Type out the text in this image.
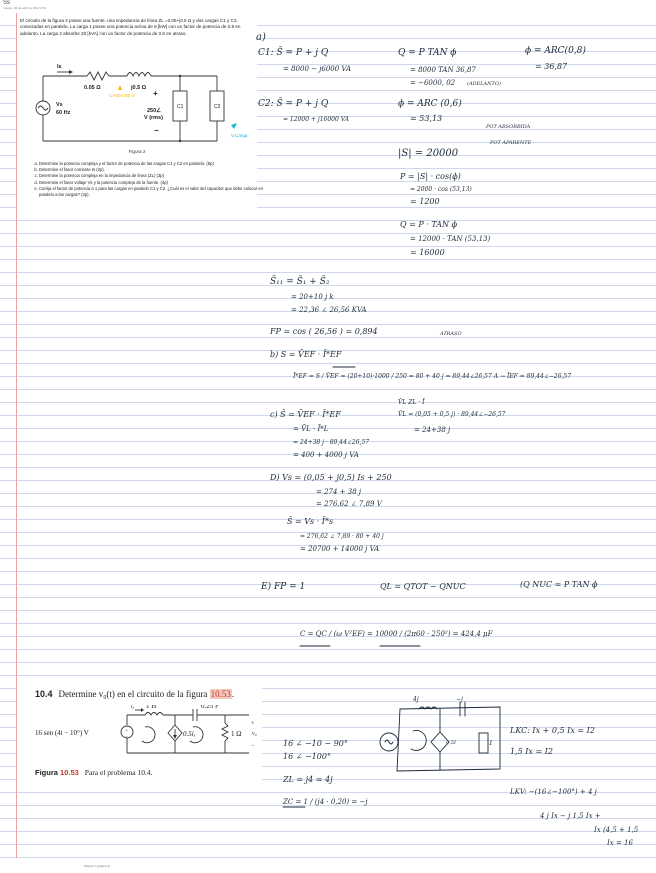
Ss
martes, 26 de abril de 2022 9:51

El circuito de la figura 2 posee una fuente, una impedancia de línea ZL =0.05+j0.5 Ω y dos cargas C1 y C2, conectadas en paralelo. La carga 1 posee una potencia activa de 8 [kW] con un factor de potencia de 0.8 en adelanto. La carga 2 absorbe 20 [kVA] con un factor de potencia de 0.6 en atraso.

Is
0.05 Ω	j0.5 Ω
Vs
60 Hz
+
250∠
V (rms)
−
C1	C2
CAIDA DE V
V.Carga
Figura 2
a. Determine la potencia compleja y el factor de potencia de las cargas C1 y C2 en paralelo. (8p)
b. Determine el fasor corriente Is (2p).
c. Determine la potencia compleja en la impedancia de línea (ZL) (3p)
d. Determine el fasor voltaje Vs y la potencia compleja de la fuente. (4p)
e. Corrija el factor de potencia a 1 para las cargas en paralelo C1 y C2. ¿Cuál es el valor del capacitor que debe colocar en paralelo a las cargas? (3p).
a)
C1: S̄ = P + j Q
= 8000 − j6000 VA
Q = P TAN ϕ
= 8000 TAN 36,87
= −6000, 02 (ADELANTO)
ϕ = ARC(0,8)
= 36,87
C2: S̄ = P + j Q
= 12000 + j16000 VA
ϕ = ARC (0,6)
= 53,13
POT ABSORBIDA
POT APARENTE
|S| = 20000
P = |S| · cos(ϕ)
= 2000 · cos (53,13)
= 1200
Q = P · TAN ϕ
= 12000 · TAN (53,13)
= 16000
S̄₁₁ = S̄₁ + S̄₂
= 20+10 j k
= 22,36 ∠ 26,56 KVA
FP = cos ( 26,56 ) = 0,894	ATRASO
b) S = V̄EF · Ī*EF
Ī*EF = S / V̄EF = (20+10)·1000 / 250 = 80 + 40 j = 89,44∠26,57 A → ĪEF = 89,44∠−26,57
c) Ŝ = V̄EF · Ī*EF
= V̄L · Ī*L
= 24+38 j · 89,44∠26,57
= 400 + 4000 j VA
V̄L ZL · Ī
V̄L = (0,05 + 0,5 j) · 89,44∠−26,57
= 24+38 j
D) Vs = (0,05 + j0,5) Is + 250
= 274 + 38 j
= 276,62 ∠ 7,89 V
Ŝ = Vs · Ī*s
= 276,62 ∠ 7,89 · 80 + 40 j
= 20700 + 14000 j VA
E) FP = 1	QL = QTOT − QNUC	(Q NUC = P TAN ϕ
C = QC / (ω V²EF) = 10000 / (2π60 · 250²) = 424,4 μF
10.4 Determine v₀(t) en el circuito de la figura 10.53.
iₓ 1 H	0.25 F
16 sen (4t − 10°) V	+
−	0.5iₓ	1 Ω
+
v₀
−
Figura 10.53 Para el problema 10.4.
16 ∠ −10 − 90°
16 ∠ −100°
ZL = j4 = 4j
ZC = 1 / (j4 · 0,20) = −j
4j	−j
0,5I	1
LKC: Ix + 0,5 Ix = I2
1,5 Ix = I2
LKV: −(16∠−100°) + 4 j
4 j Ix − j 1,5 Ix +
Ix (4,5 + 1,5
Ix = 16
Página 1 (página 1)
